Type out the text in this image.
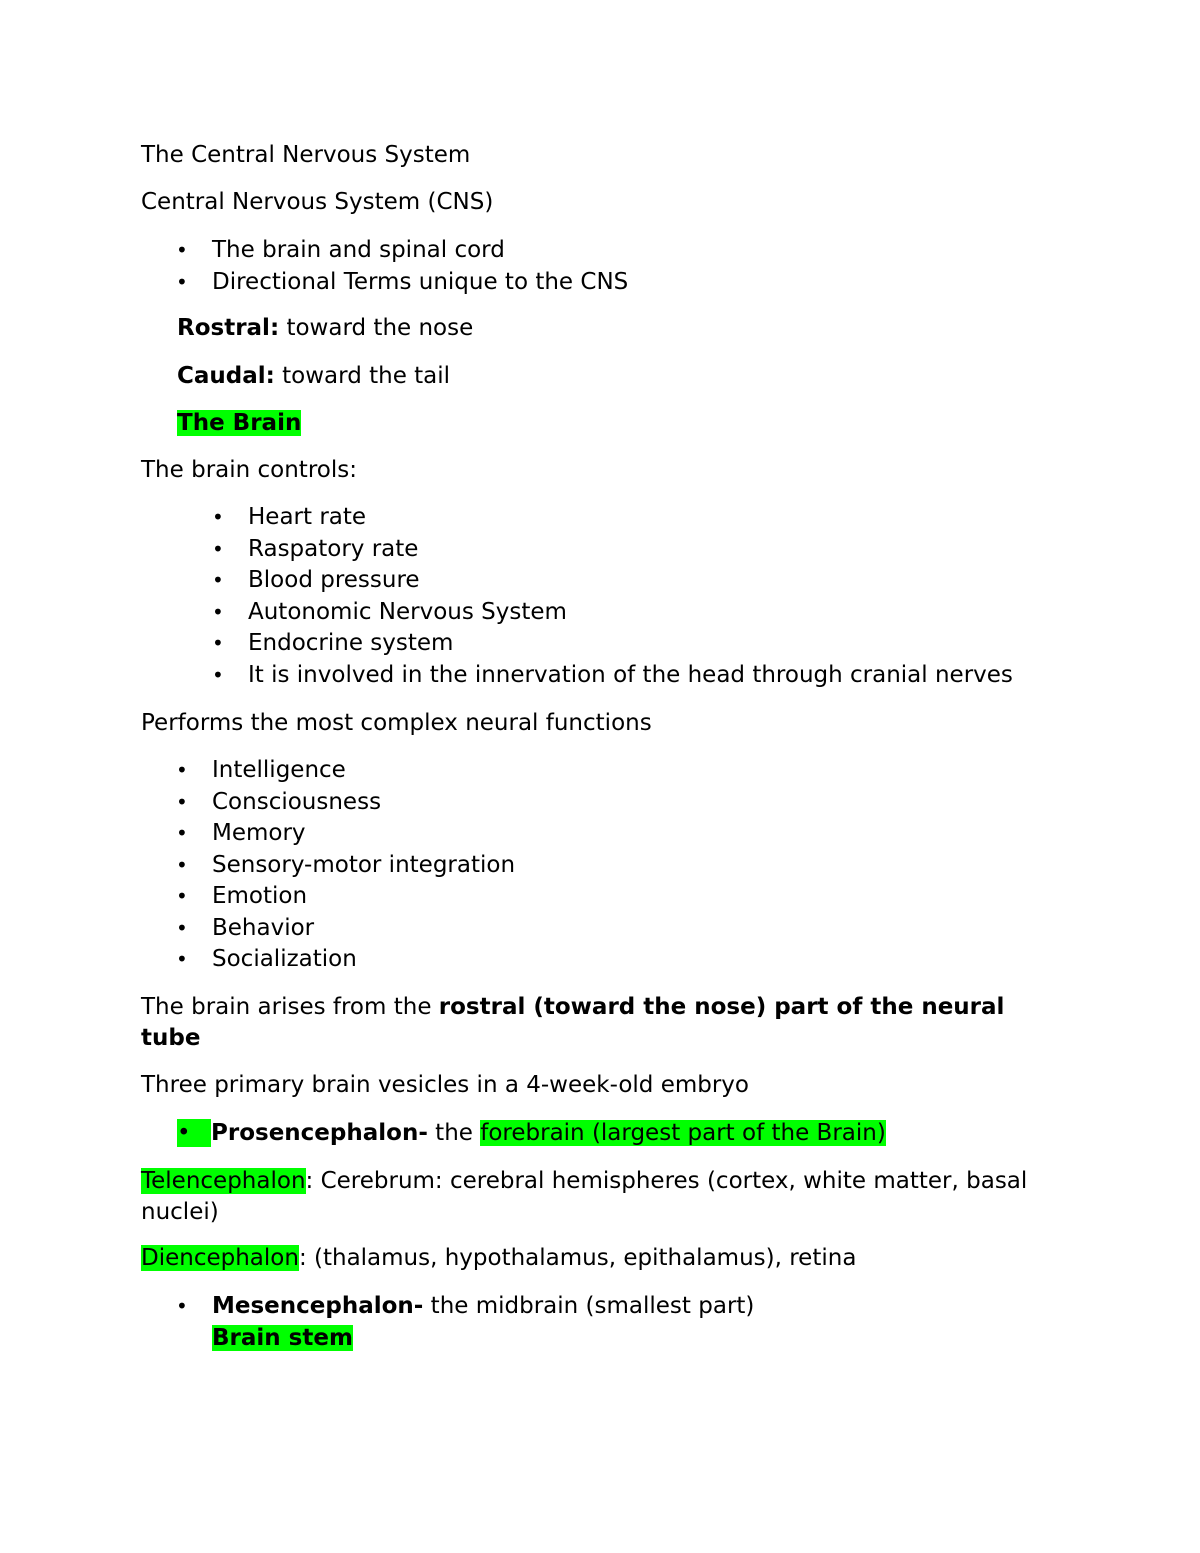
The Central Nervous System

Central Nervous System (CNS)

• The brain and spinal cord
• Directional Terms unique to the CNS

Rostral: toward the nose

Caudal: toward the tail

The Brain

The brain controls:

• Heart rate
• Raspatory rate
• Blood pressure
• Autonomic Nervous System
• Endocrine system
• It is involved in the innervation of the head through cranial nerves

Performs the most complex neural functions

• Intelligence
• Consciousness
• Memory
• Sensory-motor integration
• Emotion
• Behavior
• Socialization

The brain arises from the rostral (toward the nose) part of the neural tube

Three primary brain vesicles in a 4-week-old embryo

• Prosencephalon- the forebrain (largest part of the Brain)

Telencephalon: Cerebrum: cerebral hemispheres (cortex, white matter, basal nuclei)

Diencephalon: (thalamus, hypothalamus, epithalamus), retina

• Mesencephalon- the midbrain (smallest part)
Brain stem
